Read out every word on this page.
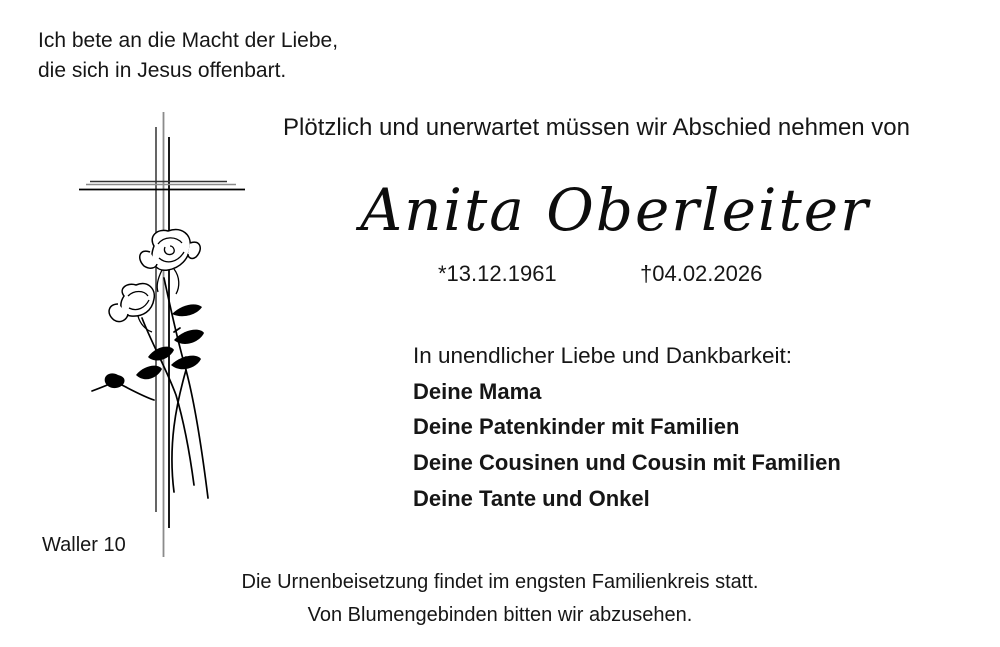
Ich bete an die Macht der Liebe,
die sich in Jesus offenbart.
Plötzlich und unerwartet müssen wir Abschied nehmen von
Anita Oberleiter
*13.12.1961	†04.02.2026
In unendlicher Liebe und Dankbarkeit:
Deine Mama
Deine Patenkinder mit Familien
Deine Cousinen und Cousin mit Familien
Deine Tante und Onkel
Waller 10
Die Urnenbeisetzung findet im engsten Familienkreis statt.
Von Blumengebinden bitten wir abzusehen.
